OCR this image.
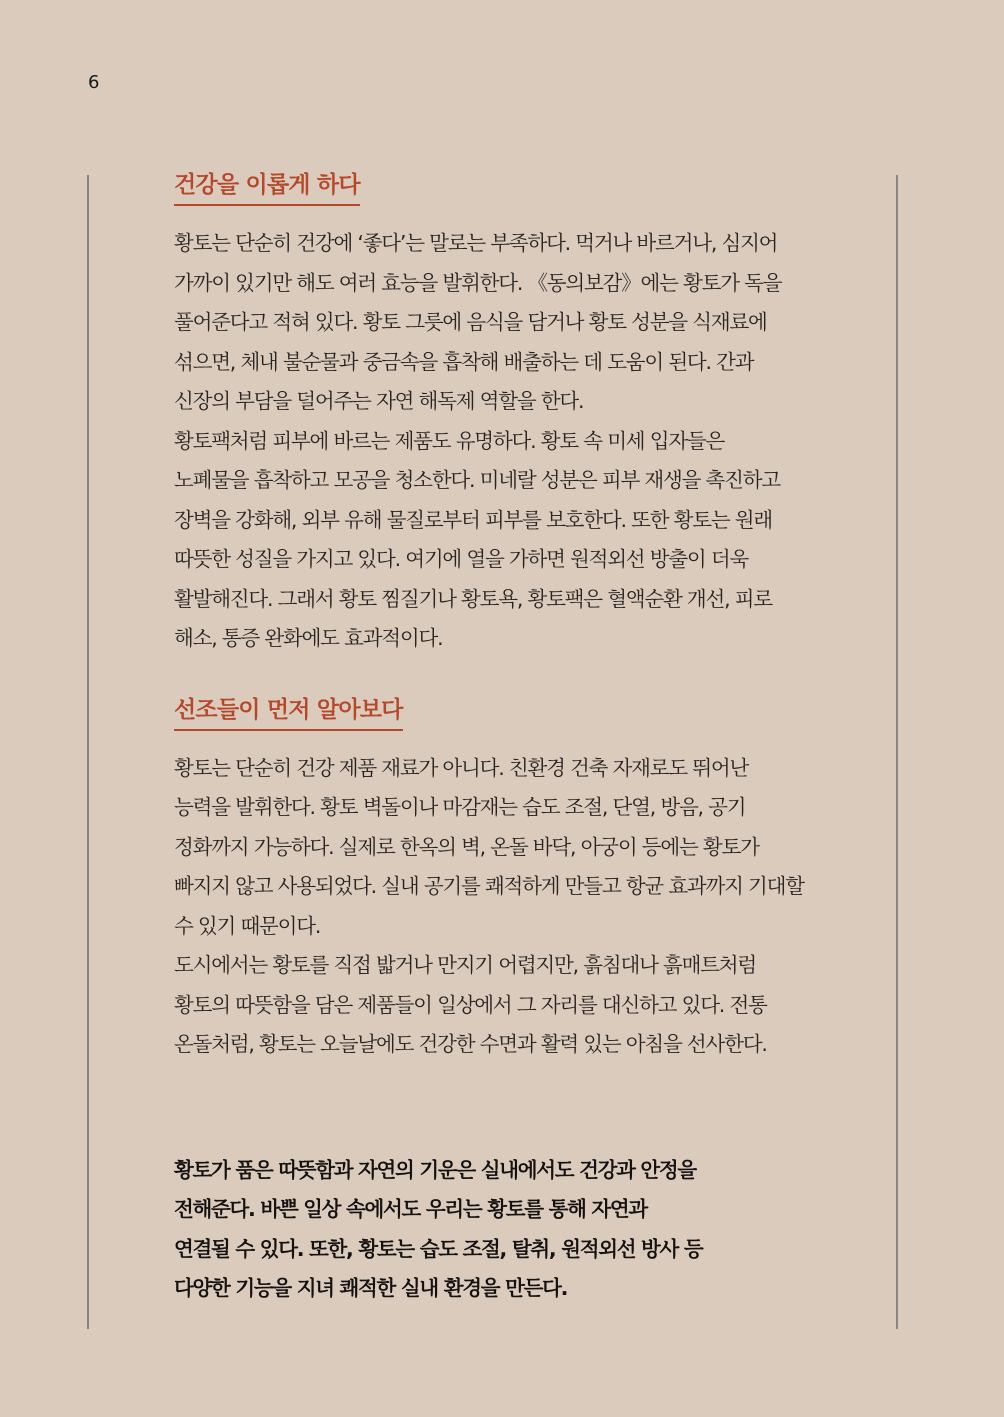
6
건강을 이롭게 하다

황토는 단순히 건강에 ‘좋다’는 말로는 부족하다. 먹거나 바르거나, 심지어

가까이 있기만 해도 여러 효능을 발휘한다. 《동의보감》에는 황토가 독을

풀어준다고 적혀 있다. 황토 그릇에 음식을 담거나 황토 성분을 식재료에

섞으면, 체내 불순물과 중금속을 흡착해 배출하는 데 도움이 된다. 간과

신장의 부담을 덜어주는 자연 해독제 역할을 한다.

황토팩처럼 피부에 바르는 제품도 유명하다. 황토 속 미세 입자들은

노폐물을 흡착하고 모공을 청소한다. 미네랄 성분은 피부 재생을 촉진하고

장벽을 강화해, 외부 유해 물질로부터 피부를 보호한다. 또한 황토는 원래

따뜻한 성질을 가지고 있다. 여기에 열을 가하면 원적외선 방출이 더욱

활발해진다. 그래서 황토 찜질기나 황토욕, 황토팩은 혈액순환 개선, 피로

해소, 통증 완화에도 효과적이다.

선조들이 먼저 알아보다

황토는 단순히 건강 제품 재료가 아니다. 친환경 건축 자재로도 뛰어난

능력을 발휘한다. 황토 벽돌이나 마감재는 습도 조절, 단열, 방음, 공기

정화까지 가능하다. 실제로 한옥의 벽, 온돌 바닥, 아궁이 등에는 황토가

빠지지 않고 사용되었다. 실내 공기를 쾌적하게 만들고 항균 효과까지 기대할

수 있기 때문이다.

도시에서는 황토를 직접 밟거나 만지기 어렵지만, 흙침대나 흙매트처럼

황토의 따뜻함을 담은 제품들이 일상에서 그 자리를 대신하고 있다. 전통

온돌처럼, 황토는 오늘날에도 건강한 수면과 활력 있는 아침을 선사한다.

황토가 품은 따뜻함과 자연의 기운은 실내에서도 건강과 안정을

전해준다. 바쁜 일상 속에서도 우리는 황토를 통해 자연과

연결될 수 있다. 또한, 황토는 습도 조절, 탈취, 원적외선 방사 등

다양한 기능을 지녀 쾌적한 실내 환경을 만든다.
